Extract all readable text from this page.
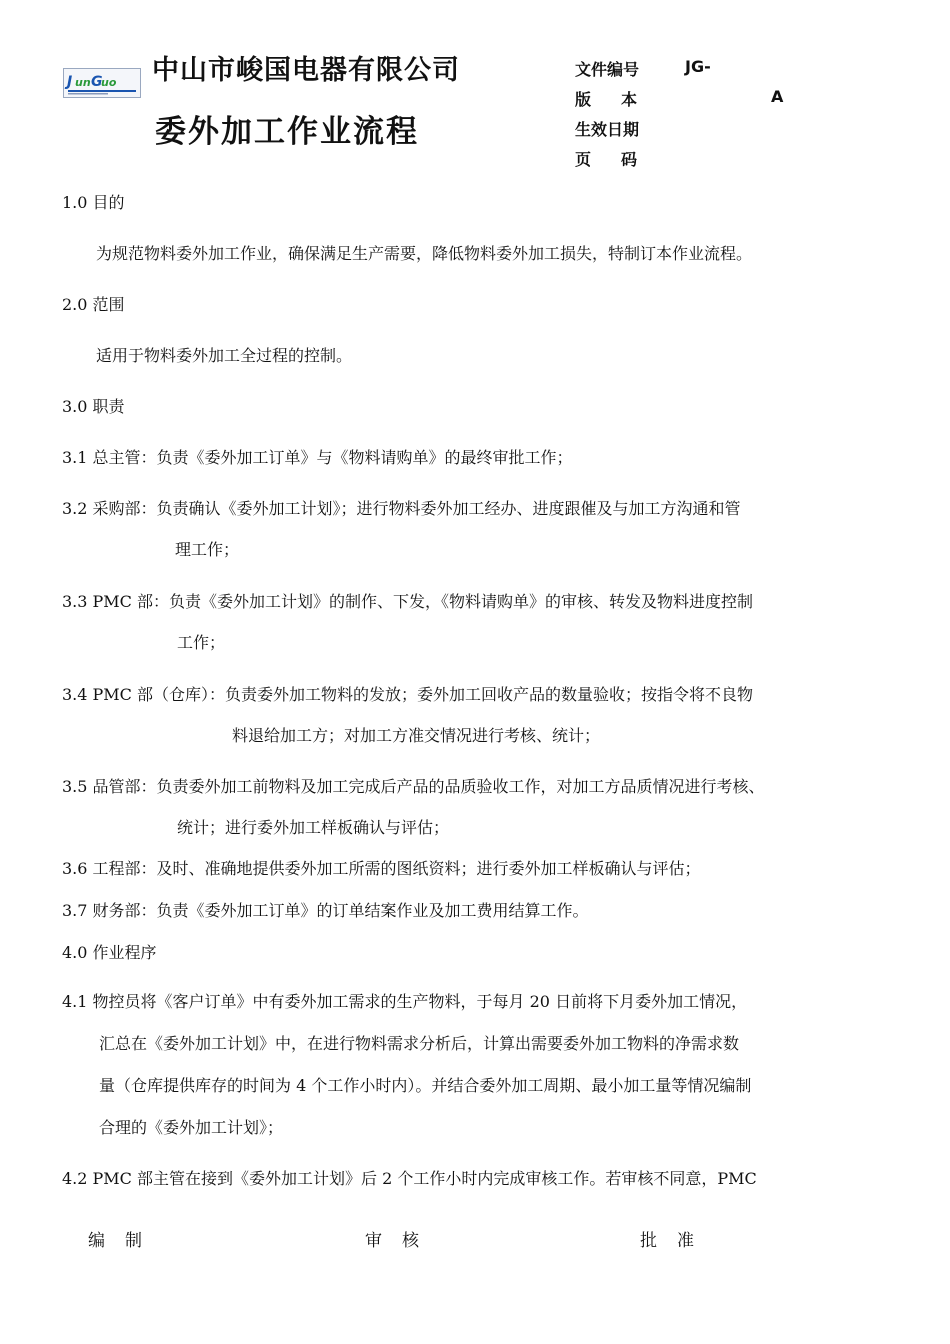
J un G
uo 中山市峻国电器有限公司
委外加工作业流程
文件编号	JG-
版本	A
生效日期
页码
1.0 目的
为规范物料委外加工作业，确保满足生产需要，降低物料委外加工损失，特制订本作业流程。
2.0 范围
适用于物料委外加工全过程的控制。
3.0 职责
3.1 总主管：负责《委外加工订单》与《物料请购单》的最终审批工作；
3.2 采购部：负责确认《委外加工计划》；进行物料委外加工经办、进度跟催及与加工方沟通和管
理工作；
3.3 PMC 部：负责《委外加工计划》的制作、下发，《物料请购单》的审核、转发及物料进度控制
工作；
3.4 PMC 部（仓库）：负责委外加工物料的发放；委外加工回收产品的数量验收；按指令将不良物
料退给加工方；对加工方准交情况进行考核、统计；
3.5 品管部：负责委外加工前物料及加工完成后产品的品质验收工作，对加工方品质情况进行考核、
统计；进行委外加工样板确认与评估；
3.6 工程部：及时、准确地提供委外加工所需的图纸资料；进行委外加工样板确认与评估；
3.7 财务部：负责《委外加工订单》的订单结案作业及加工费用结算工作。
4.0 作业程序
4.1 物控员将《客户订单》中有委外加工需求的生产物料，于每月 20 日前将下月委外加工情况，
汇总在《委外加工计划》中，在进行物料需求分析后，计算出需要委外加工物料的净需求数
量（仓库提供库存的时间为 4 个工作小时内）。并结合委外加工周期、最小加工量等情况编制
合理的《委外加工计划》；
4.2 PMC 部主管在接到《委外加工计划》后 2 个工作小时内完成审核工作。若审核不同意，PMC
编制	审核	批准
